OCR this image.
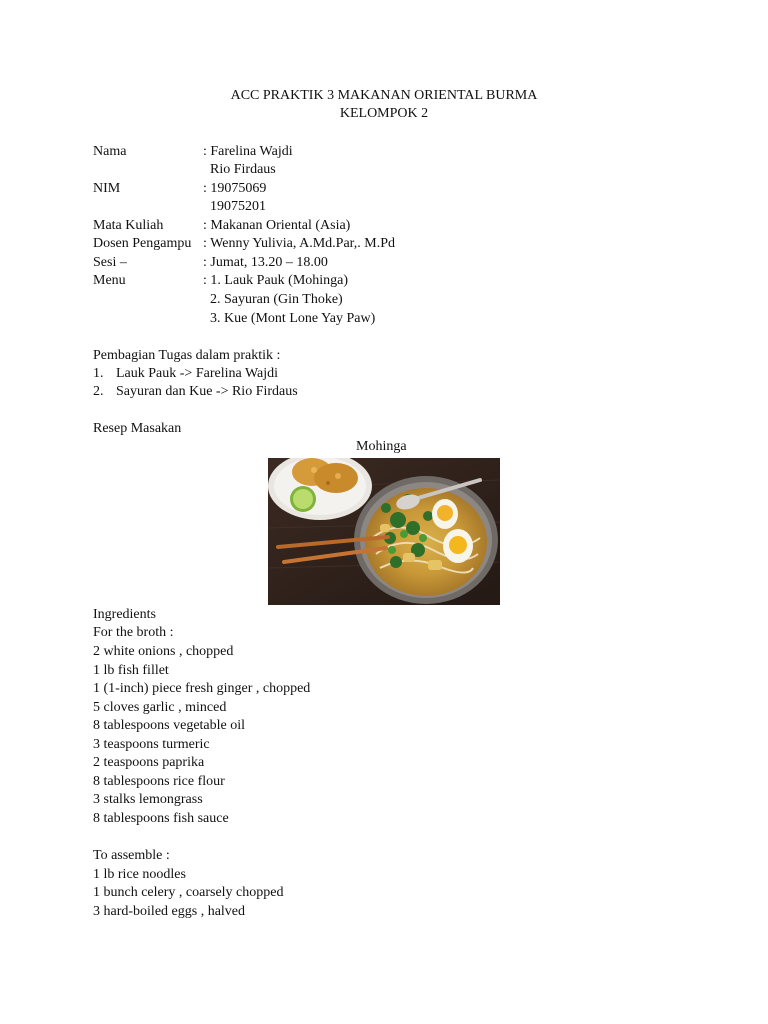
ACC PRAKTIK 3 MAKANAN ORIENTAL BURMA
KELOMPOK 2
Nama	: Farelina Wajdi
Rio Firdaus
NIM	: 19075069
19075201
Mata Kuliah	: Makanan Oriental (Asia)
Dosen Pengampu : Wenny Yulivia, A.Md.Par,. M.Pd
Sesi –	: Jumat, 13.20 – 18.00
Menu	: 1. Lauk Pauk (Mohinga)
2. Sayuran (Gin Thoke)
3. Kue (Mont Lone Yay Paw)
Pembagian Tugas dalam praktik :
1. Lauk Pauk -> Farelina Wajdi
2. Sayuran dan Kue -> Rio Firdaus
Resep Masakan
Mohinga
Ingredients
For the broth :
2 white onions , chopped
1 lb fish fillet
1 (1-inch) piece fresh ginger , chopped
5 cloves garlic , minced
8 tablespoons vegetable oil
3 teaspoons turmeric
2 teaspoons paprika
8 tablespoons rice flour
3 stalks lemongrass
8 tablespoons fish sauce
To assemble :
1 lb rice noodles
1 bunch celery , coarsely chopped
3 hard-boiled eggs , halved
